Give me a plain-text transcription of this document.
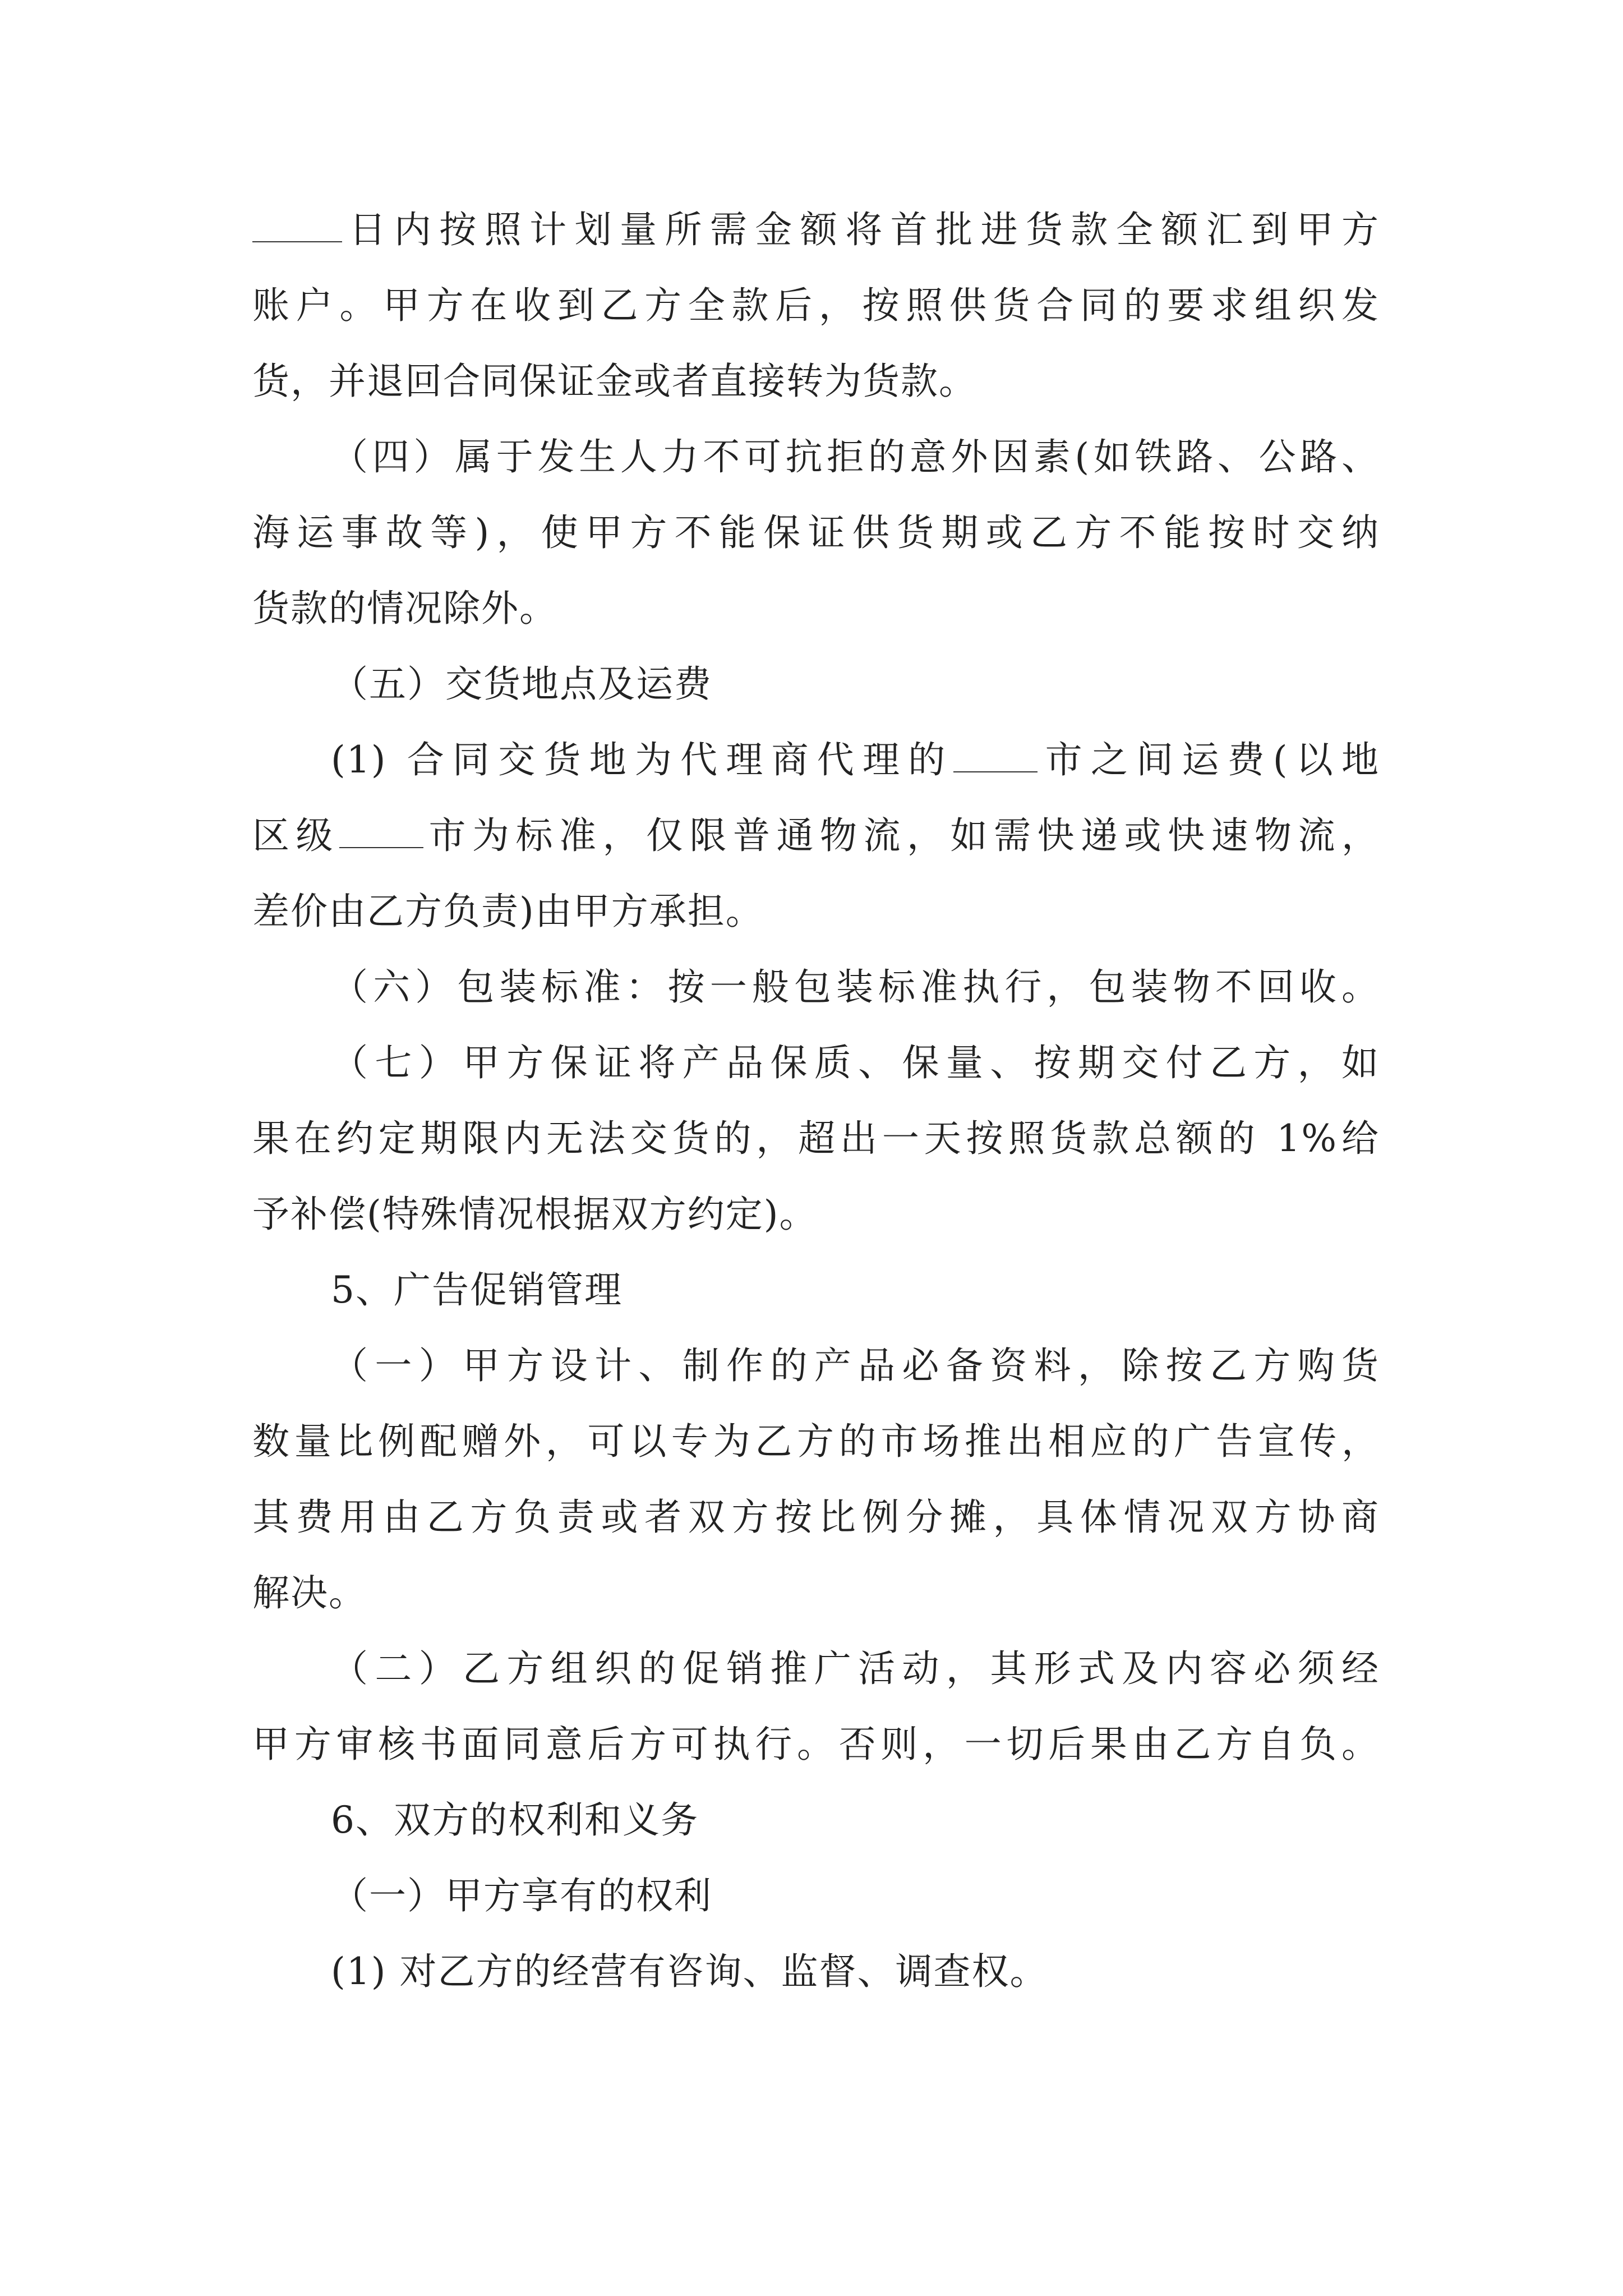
日内按照计划量所需金额将首批进货款全额汇到甲方
账户。甲方在收到乙方全款后，按照供货合同的要求组织发
货，并退回合同保证金或者直接转为货款。
（四）属于发生人力不可抗拒的意外因素(如铁路、公路、
海运事故等)，使甲方不能保证供货期或乙方不能按时交纳
货款的情况除外。
（五）交货地点及运费
(1) 合同交货地为代理商代理的 市之间运费(以地
区级 市为标准，仅限普通物流，如需快递或快速物流，
差价由乙方负责)由甲方承担。
（六）包装标准：按一般包装标准执行，包装物不回收。
（七）甲方保证将产品保质、保量、按期交付乙方，如
果在约定期限内无法交货的，超出一天按照货款总额的 1%给
予补偿(特殊情况根据双方约定)。
5、广告促销管理
（一）甲方设计、制作的产品必备资料，除按乙方购货
数量比例配赠外，可以专为乙方的市场推出相应的广告宣传，
其费用由乙方负责或者双方按比例分摊，具体情况双方协商
解决。
（二）乙方组织的促销推广活动，其形式及内容必须经
甲方审核书面同意后方可执行。否则，一切后果由乙方自负。
6、双方的权利和义务
（一）甲方享有的权利
(1) 对乙方的经营有咨询、监督、调查权。
